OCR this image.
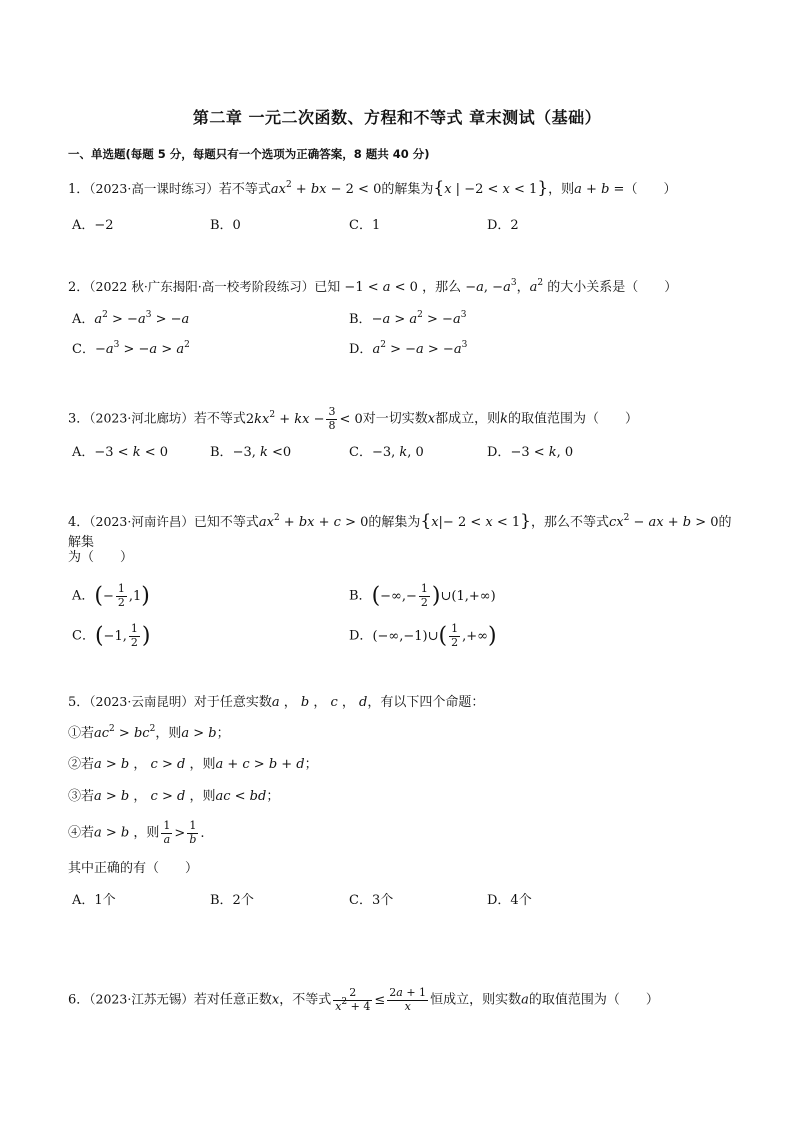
第二章 一元二次函数、方程和不等式 章末测试（基础）
一、单选题(每题 5 分，每题只有一个选项为正确答案，8 题共 40 分)
1．（2023·高一课时练习）若不等式$ax^2$ + bx − 2 < 0的解集为{x | −2 < x < 1}，则a + b =（　　）
A．−2	B．0	C．1	D．2
2．（2022 秋·广东揭阳·高一校考阶段练习）已知 −1 < a < 0 ，那么 −a, $-a^3$，$a^2$ 的大小关系是（　　）
A．$a^2 > -a^3 > -a$	B．$-a > a^2 > -a^3$
C．$-a^3 > -a > a^2$	D．$a^2 > -a > -a^3$
3．（2023·河北廊坊）若不等式$2kx^2$ + kx − $\frac{3}{8} < 0$对一切实数x都成立，则k的取值范围为（　　）
A．−3 < k < 0	B．−3, k <0	C．−3, k, 0	D．−3 < k, 0
4．（2023·河南许昌）已知不等式$ax^2$ + bx + c > 0的解集为{x|− 2 < x < 1}，那么不等式$cx^2$ − ax + b > 0的解集
为（　　）
A．(− $\frac{1}{2} ,1$)	B．(−∞,− $\frac{1}{2}$ )∪(1,+∞)
C．(−1, $\frac{1}{2}$ )	D．(−∞,−1)∪( $\frac{1}{2}$ ,+∞)
5．（2023·云南昆明）对于任意实数a ， b ， c ， d，有以下四个命题：
①若$ac^2 > bc^2$，则a > b；
②若a > b ， c > d ，则a + c > b + d；
③若a > b ， c > d ，则ac < bd；
④若a > b ，则 $\frac{1}{a} > \frac{1}{b}$ .
其中正确的有（　　）
A．1个	B．2个	C．3个	D．4个
6．（2023·江苏无锡）若对任意正数x，不等式 $\frac{2}{x^2 + 4} \le \frac{2a + 1}{x}$ 恒成立，则实数a的取值范围为（　　）
